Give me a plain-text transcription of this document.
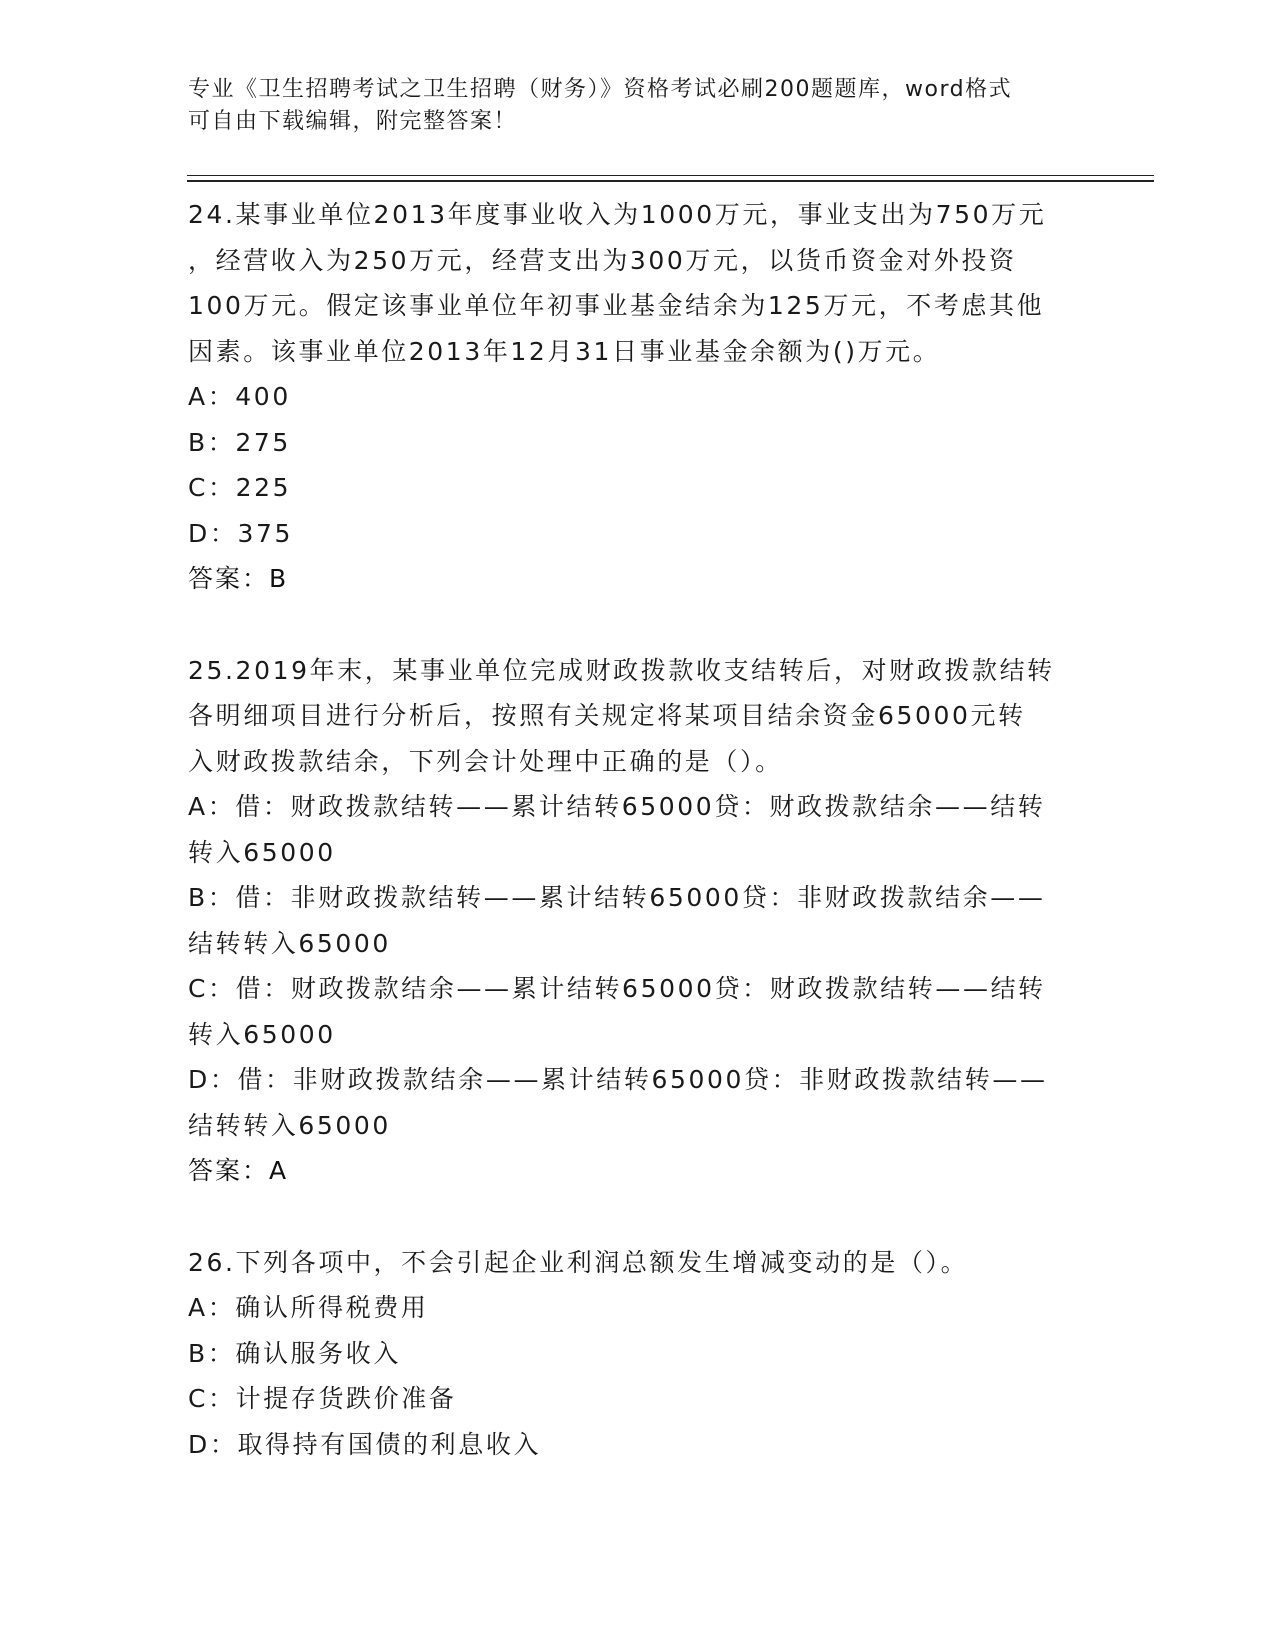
专业《卫生招聘考试之卫生招聘（财务）》资格考试必刷200题题库，word格式

可自由下载编辑，附完整答案！

24.某事业单位2013年度事业收入为1000万元，事业支出为750万元
，经营收入为250万元，经营支出为300万元，以货币资金对外投资
100万元。假定该事业单位年初事业基金结余为125万元，不考虑其他
因素。该事业单位2013年12月31日事业基金余额为()万元。
A：400
B：275
C：225
D：375
答案：B
25.2019年末，某事业单位完成财政拨款收支结转后，对财政拨款结转
各明细项目进行分析后，按照有关规定将某项目结余资金65000元转
入财政拨款结余，下列会计处理中正确的是（）。
A：借：财政拨款结转——累计结转65000贷：财政拨款结余——结转
转入65000
B：借：非财政拨款结转——累计结转65000贷：非财政拨款结余——
结转转入65000
C：借：财政拨款结余——累计结转65000贷：财政拨款结转——结转
转入65000
D：借：非财政拨款结余——累计结转65000贷：非财政拨款结转——
结转转入65000
答案：A
26.下列各项中，不会引起企业利润总额发生增减变动的是（）。
A：确认所得税费用
B：确认服务收入
C：计提存货跌价准备
D：取得持有国债的利息收入
